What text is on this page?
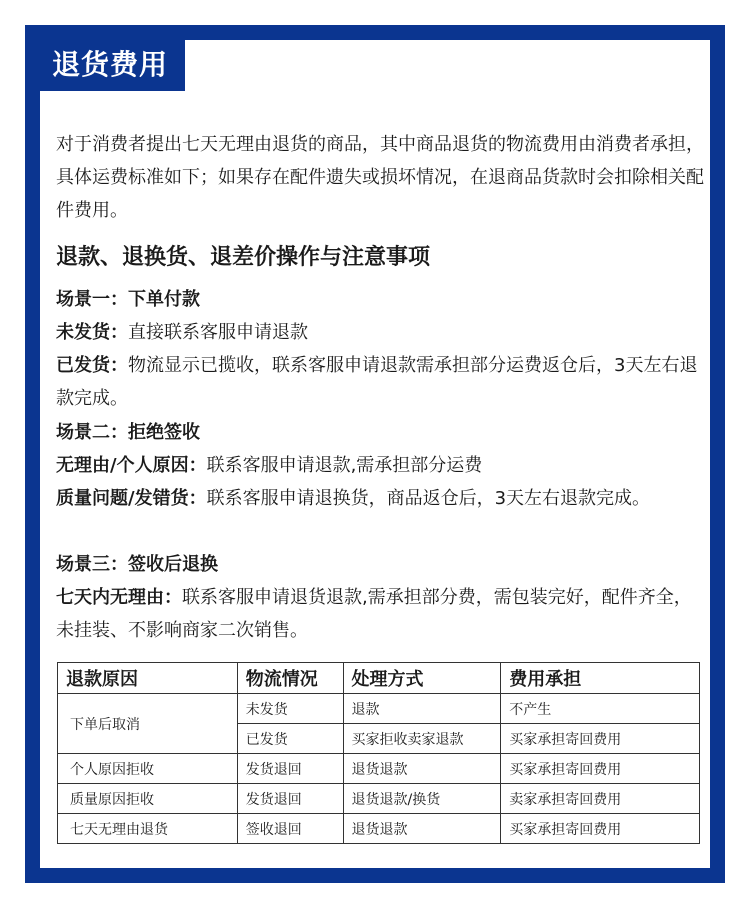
退货费用
对于消费者提出七天无理由退货的商品，其中商品退货的物流费用由消费者承担，具体运费标准如下；如果存在配件遗失或损坏情况，在退商品货款时会扣除相关配件费用。
退款、退换货、退差价操作与注意事项
场景一：下单付款
未发货：直接联系客服申请退款
已发货：物流显示已揽收，联系客服申请退款需承担部分运费返仓后，3天左右退款完成。
场景二：拒绝签收
无理由/个人原因：联系客服申请退款,需承担部分运费
质量问题/发错货：联系客服申请退换货，商品返仓后，3天左右退款完成。
场景三：签收后退换
七天内无理由：联系客服申请退货退款,需承担部分费，需包装完好，配件齐全，未挂装、不影响商家二次销售。
退款原因	物流情况	处理方式	费用承担
下单后取消	未发货	退款	不产生
	已发货	买家拒收卖家退款	买家承担寄回费用
个人原因拒收	发货退回	退货退款	买家承担寄回费用
质量原因拒收	发货退回	退货退款/换货	卖家承担寄回费用
七天无理由退货	签收退回	退货退款	买家承担寄回费用
